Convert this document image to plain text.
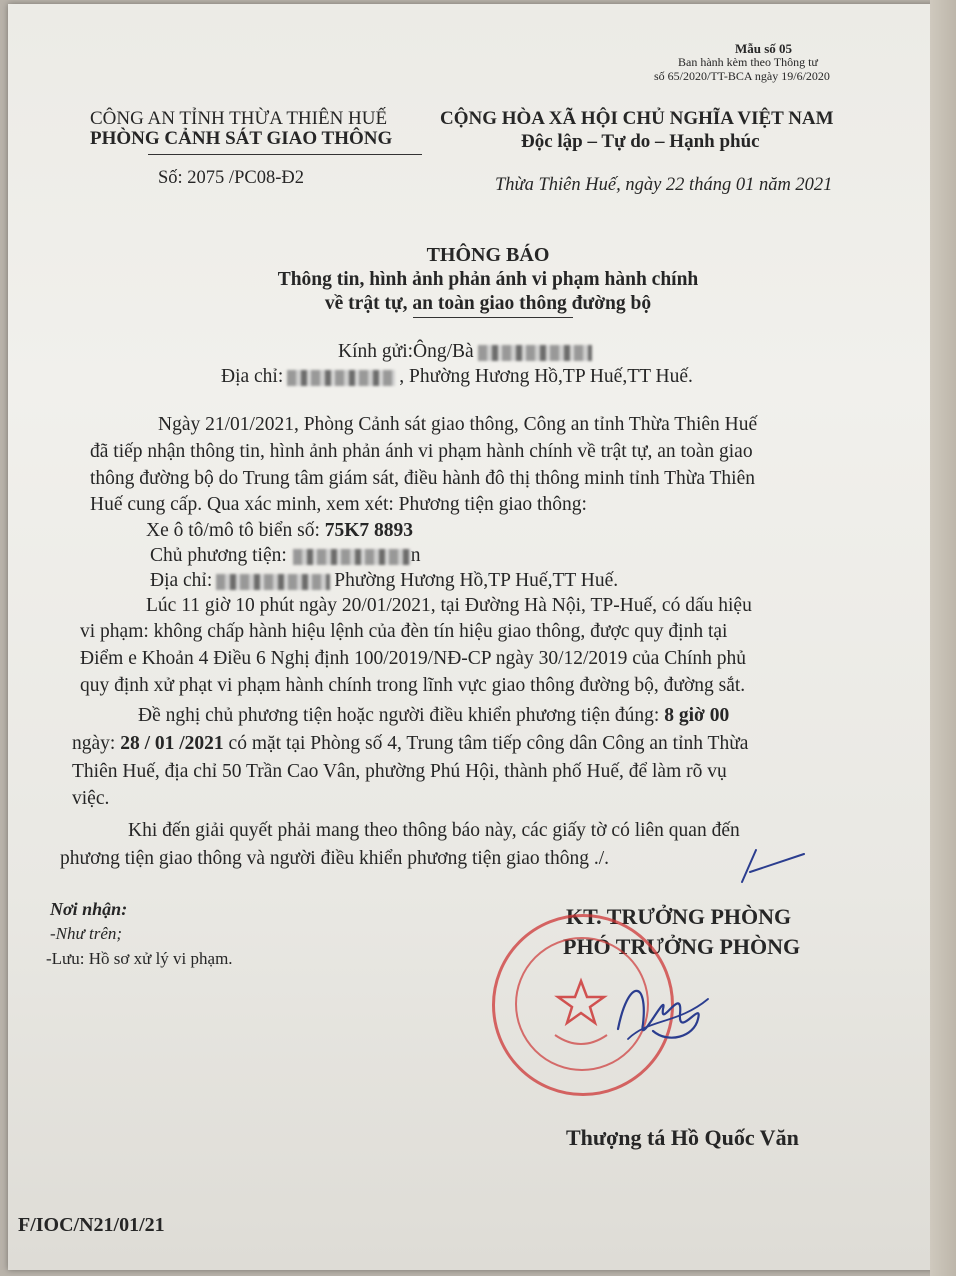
Mẫu số 05
Ban hành kèm theo Thông tư
số 65/2020/TT-BCA ngày 19/6/2020
CÔNG AN TỈNH THỪA THIÊN HUẾ
PHÒNG CẢNH SÁT GIAO THÔNG
Số: 2075 /PC08-Đ2
CỘNG HÒA XÃ HỘI CHỦ NGHĨA VIỆT NAM
Độc lập – Tự do – Hạnh phúc
Thừa Thiên Huế, ngày 22 tháng 01 năm 2021
THÔNG BÁO
Thông tin, hình ảnh phản ánh vi phạm hành chính
về trật tự, an toàn giao thông đường bộ
Kính gửi:Ông/Bà
Địa chỉ:	, Phường Hương Hồ,TP Huế,TT Huế.
Ngày 21/01/2021, Phòng Cảnh sát giao thông, Công an tỉnh Thừa Thiên Huế
đã tiếp nhận thông tin, hình ảnh phản ánh vi phạm hành chính về trật tự, an toàn giao
thông đường bộ do Trung tâm giám sát, điều hành đô thị thông minh tỉnh Thừa Thiên
Huế cung cấp. Qua xác minh, xem xét: Phương tiện giao thông:
Xe ô tô/mô tô biển số: 75K7 8893
Chủ phương tiện:	n
Địa chỉ:	Phường Hương Hồ,TP Huế,TT Huế.
Lúc 11 giờ 10 phút ngày 20/01/2021, tại Đường Hà Nội, TP-Huế, có dấu hiệu
vi phạm: không chấp hành hiệu lệnh của đèn tín hiệu giao thông, được quy định tại
Điểm e Khoản 4 Điều 6 Nghị định 100/2019/NĐ-CP ngày 30/12/2019 của Chính phủ
quy định xử phạt vi phạm hành chính trong lĩnh vực giao thông đường bộ, đường sắt.
Đề nghị chủ phương tiện hoặc người điều khiển phương tiện đúng: 8 giờ 00
ngày: 28 / 01 /2021 có mặt tại Phòng số 4, Trung tâm tiếp công dân Công an tỉnh Thừa
Thiên Huế, địa chỉ 50 Trần Cao Vân, phường Phú Hội, thành phố Huế, để làm rõ vụ
việc.
Khi đến giải quyết phải mang theo thông báo này, các giấy tờ có liên quan đến
phương tiện giao thông và người điều khiển phương tiện giao thông ./.
Nơi nhận:
-Như trên;
-Lưu: Hồ sơ xử lý vi phạm.
KT. TRƯỞNG PHÒNG
PHÓ TRƯỞNG PHÒNG
Thượng tá Hồ Quốc Văn
F/IOC/N21/01/21
